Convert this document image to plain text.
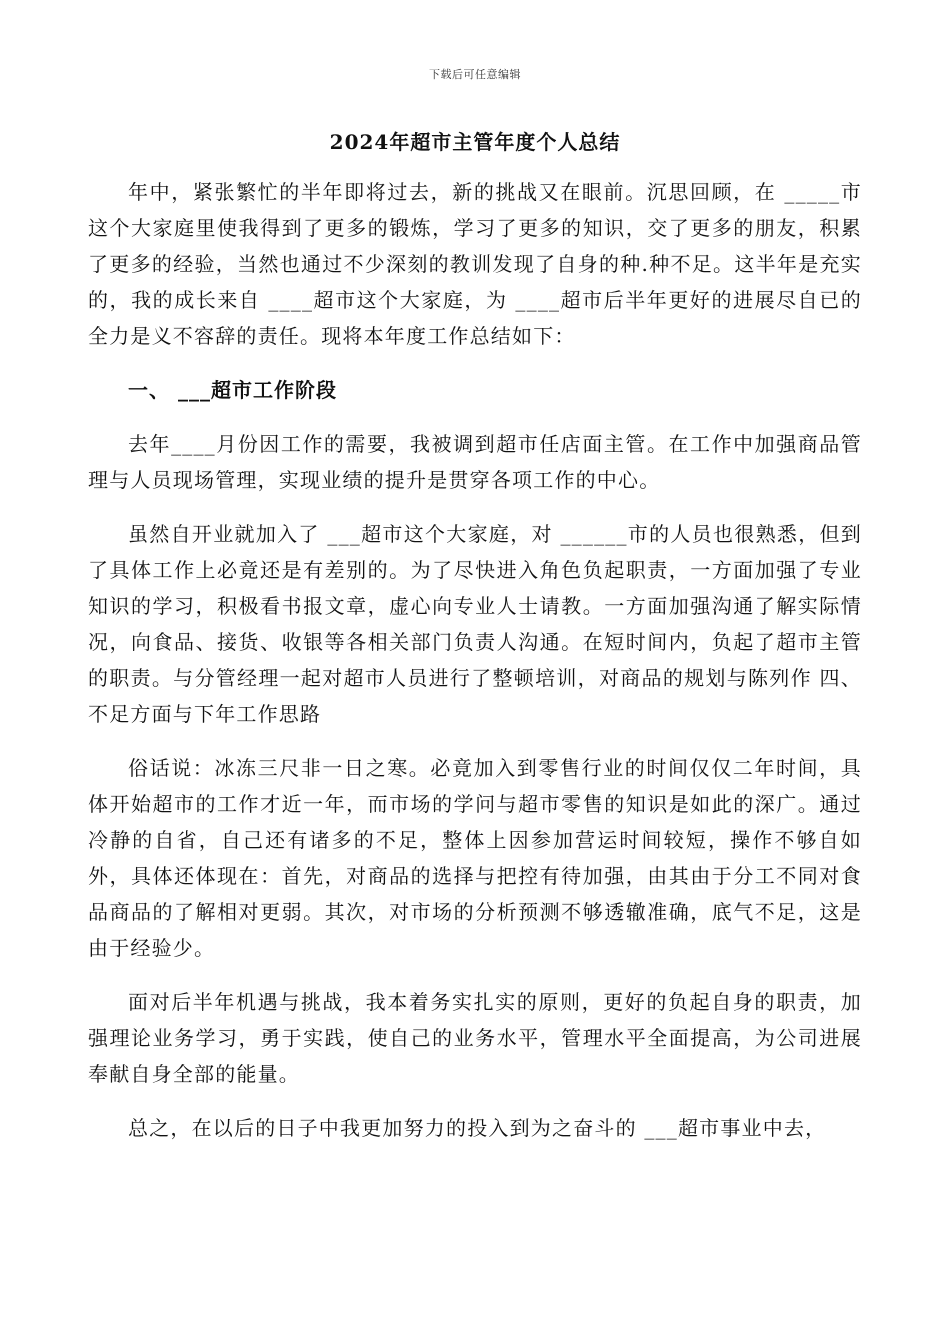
下载后可任意编辑
2024年超市主管年度个人总结

年中，紧张繁忙的半年即将过去，新的挑战又在眼前。沉思回顾，在 _____市这个大家庭里使我得到了更多的锻炼，学习了更多的知识，交了更多的朋友，积累了更多的经验，当然也通过不少深刻的教训发现了自身的种.种不足。这半年是充实的，我的成长来自 ____超市这个大家庭，为 ____超市后半年更好的进展尽自已的全力是义不容辞的责任。现将本年度工作总结如下：

一、 ___超市工作阶段

去年____月份因工作的需要，我被调到超市任店面主管。在工作中加强商品管理与人员现场管理，实现业绩的提升是贯穿各项工作的中心。

虽然自开业就加入了 ___超市这个大家庭，对 ______市的人员也很熟悉，但到了具体工作上必竟还是有差别的。为了尽快进入角色负起职责，一方面加强了专业知识的学习，积极看书报文章，虚心向专业人士请教。一方面加强沟通了解实际情况，向食品、接货、收银等各相关部门负责人沟通。在短时间内，负起了超市主管的职责。与分管经理一起对超市人员进行了整顿培训，对商品的规划与陈列作 四、不足方面与下年工作思路

俗话说：冰冻三尺非一日之寒。必竟加入到零售行业的时间仅仅二年时间，具体开始超市的工作才近一年，而市场的学问与超市零售的知识是如此的深广。通过冷静的自省，自己还有诸多的不足，整体上因参加营运时间较短，操作不够自如外，具体还体现在：首先，对商品的选择与把控有待加强，由其由于分工不同对食品商品的了解相对更弱。其次，对市场的分析预测不够透辙准确，底气不足，这是由于经验少。

面对后半年机遇与挑战，我本着务实扎实的原则，更好的负起自身的职责，加强理论业务学习，勇于实践，使自己的业务水平，管理水平全面提高，为公司进展奉献自身全部的能量。

总之，在以后的日子中我更加努力的投入到为之奋斗的 ___超市事业中去，
